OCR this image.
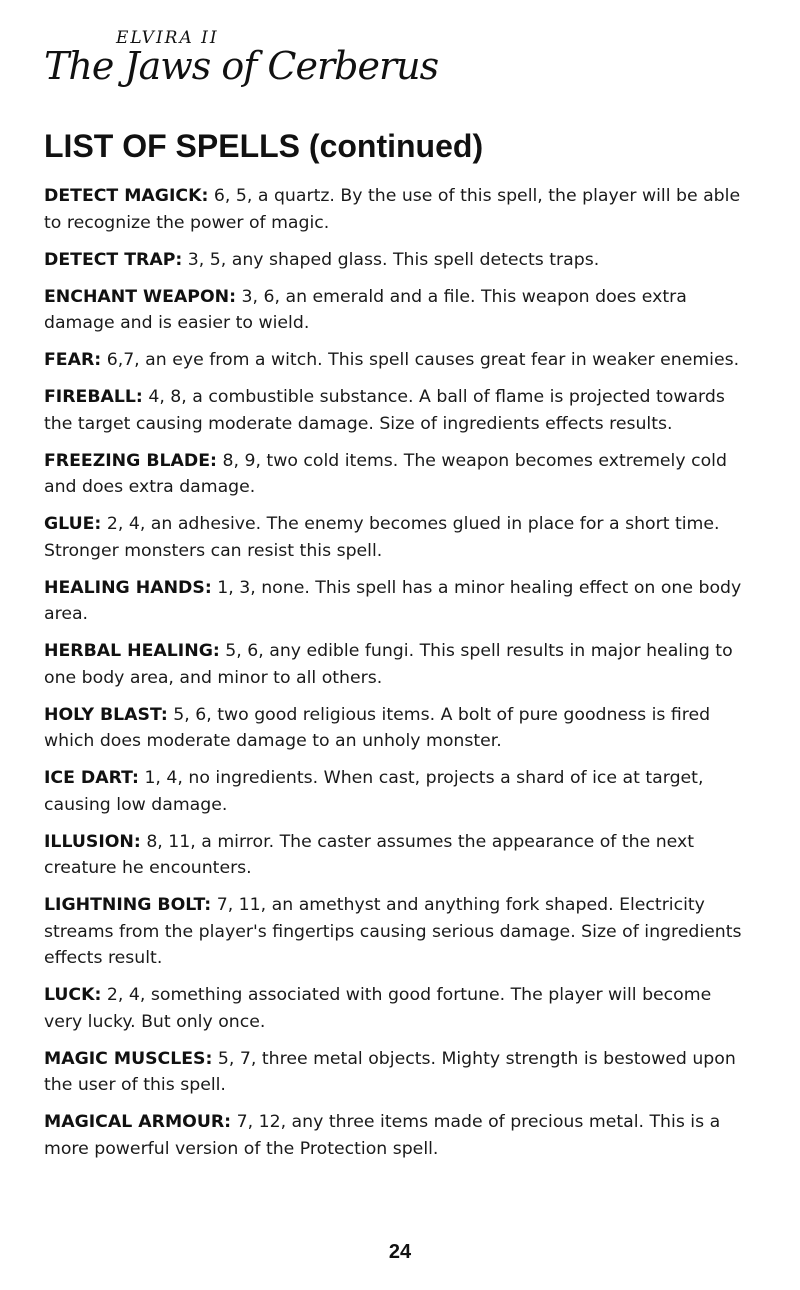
ELVIRA II
The Jaws of Cerberus
LIST OF SPELLS (continued)

DETECT MAGICK: 6, 5, a quartz. By the use of this spell, the player will be able to recognize the power of magic.

DETECT TRAP: 3, 5, any shaped glass. This spell detects traps.

ENCHANT WEAPON: 3, 6, an emerald and a file. This weapon does extra damage and is easier to wield.

FEAR: 6,7, an eye from a witch. This spell causes great fear in weaker enemies.

FIREBALL: 4, 8, a combustible substance. A ball of flame is projected towards the target causing moderate damage. Size of ingredients effects results.

FREEZING BLADE: 8, 9, two cold items. The weapon becomes extremely cold and does extra damage.

GLUE: 2, 4, an adhesive. The enemy becomes glued in place for a short time. Stronger monsters can resist this spell.

HEALING HANDS: 1, 3, none. This spell has a minor healing effect on one body area.

HERBAL HEALING: 5, 6, any edible fungi. This spell results in major healing to one body area, and minor to all others.

HOLY BLAST: 5, 6, two good religious items. A bolt of pure goodness is fired which does moderate damage to an unholy monster.

ICE DART: 1, 4, no ingredients. When cast, projects a shard of ice at target, causing low damage.

ILLUSION: 8, 11, a mirror. The caster assumes the appearance of the next creature he encounters.

LIGHTNING BOLT: 7, 11, an amethyst and anything fork shaped. Electricity streams from the player's fingertips causing serious damage. Size of ingredients effects result.

LUCK: 2, 4, something associated with good fortune. The player will become very lucky. But only once.

MAGIC MUSCLES: 5, 7, three metal objects. Mighty strength is bestowed upon the user of this spell.

MAGICAL ARMOUR: 7, 12, any three items made of precious metal. This is a more powerful version of the Protection spell.

24
